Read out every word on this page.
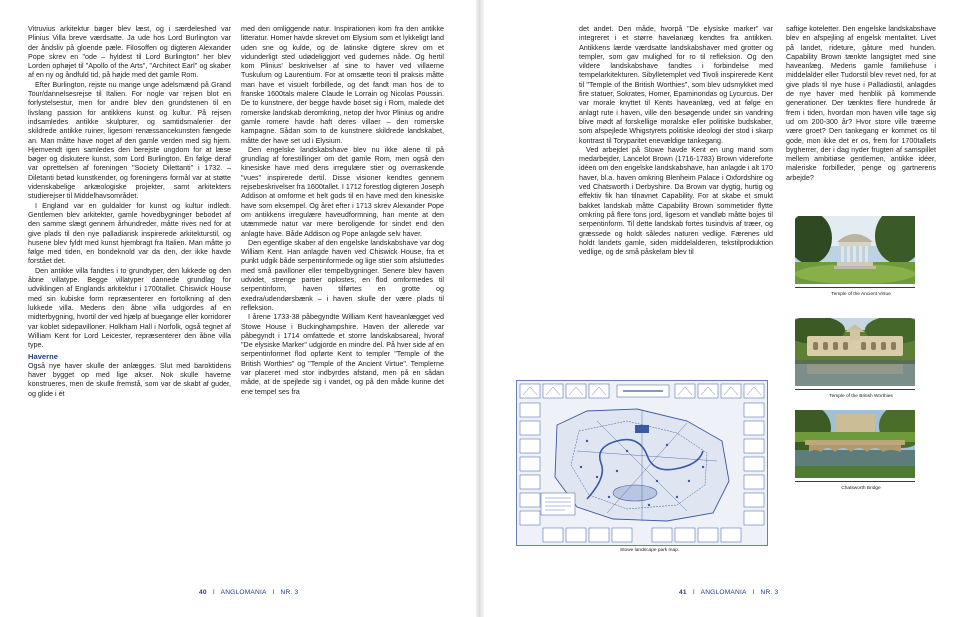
Vitruvius arkitektur bøger blev læst, og i særdeleshed var Plinius Villa breve værdsatte. Ja ude hos Lord Burlington var der åndsliv på gloende pæle. Filosoffen og digteren Alexander Pope skrev en "ode – hyldest til Lord Burlington" her blev Lorden ophøjet til "Apollo of the Arts", "Architect Earl" og skaber af en ny og åndfuld tid, på højde med det gamle Rom.

Efter Burlington, rejste nu mange unge adelsmænd på Grand Tour/dannelsesrejse til Italien. For nogle var rejsen blot en forlystelsestur, men for andre blev den grundstenen til en livslang passion for antikkens kunst og kultur. På rejsen indsamledes antikke skulpturer, og samtidsmalerier der skildrede antikke ruiner, ligesom renæssancekunsten fængede an. Man måtte have noget af den gamle verden med sig hjem. Hjemvendt igen samledes den berejste ungdom for at læse bøger og diskutere kunst, som Lord Burlington. En følge deraf var oprettelsen af foreningen "Society Dilettanti" i 1732. – Diletanti betød kunstkender, og foreningens formål var at støtte videnskabelige arkæologiske projekter, samt arkitekters studierejser til Middelhavsområdet.

I England var en guldalder for kunst og kultur indledt. Gentlemen blev arkitekter, gamle hovedbygninger bebodet af den samme slægt gennem århundreder, måtte rives ned for at give plads til den nye palladiansk inspirerede arkitekturstil, og husene blev fyldt med kunst hjembragt fra Italien. Man måtte jo følge med tiden, en bondeknold var da den, der ikke havde forstået det.

Den antikke villa fandtes i to grundtyper, den lukkede og den åbne villatype. Begge villatyper dannede grundlag for udviklingen af Englands arkitektur i 1700tallet. Chiswick House med sin kubiske form repræsenterer en fortolkning af den lukkede villa. Medens den åbne villa udgjordes af en midterbygning, hvortil der ved hjælp af buegange eller korridorer var koblet sidepavilloner. Holkham Hall i Norfolk, også tegnet af William Kent for Lord Leicester, repræsenterer den åbne villa type.

Haverne

Også nye haver skulle der anlægges. Slut med baroktidens haver bygget op med lige akser. Nok skulle haverne konstrueres, men de skulle fremstå, som var de skabt af guder, og glide i ét

med den omliggende natur. Inspirationen kom fra den antikke litteratur. Homer havde skrevet om Elysium som et lykkeligt land uden sne og kulde, og de latinske digtere skrev om et vidunderligt sted udødeliggjort ved gudernes nåde. Og hertil kom Plinius' beskrivelser af sine to haver ved villaerne Tuskulum og Laurentium. For at omsætte teori til praksis måtte man have et visuelt forbillede, og det fandt man hos de to franske 1600tals malere Claude le Lorrain og Nicolas Poussin. De to kunstnere, der begge havde boset sig i Rom, malede det romerske landskab deromkring, netop der hvor Plinius og andre gamle romere havde haft deres villaer – den romerske kampagne. Sådan som to de kunstnere skildrede landskabet, måtte der have set ud i Elysium.

Den engelske landskabshave blev nu ikke alene til på grundlag af forestillinger om det gamle Rom, men også den kinesiske have med dens irregulære stier og overraskende "vues" inspirerede dertil. Disse visioner kendtes gennem rejsebeskrivelser fra 1600tallet. I 1712 forestlog digteren Joseph Addison at omforme et helt gods til en have med den kinesiske have som eksempel. Og året efter i 1713 skrev Alexander Pope om antikkens irregulære haveudformning, han mente at den utæmmede natur var mere beroligende for sindet end den anlagte have. Både Addison og Pope anlagde selv haver.

Den egentlige skaber af den engelske landskabshave var dog William Kent. Han anlagde haven ved Chiswick House, fra et punkt udgik både serpentinformede og lige stier som afsluttedes med små pavilloner eller tempelbygninger. Senere blev haven udvidet, strenge partier oplostes, en flod omformedes til serpentinform, haven tilførtes en grotte og exedra/udendørsbænk – i haven skulle der være plads til refleksion.

I årene 1733-38 påbegyndte William Kent haveanlægget ved Stowe House i Buckinghampshire. Haven der allerede var påbegyndt i 1714 omfattede et storre landskabsareal, hvoraf "De elysiske Marker" udgjorde en mindre del. På hver side af en serpentinformet flod opførte Kent to templer "Temple of the British Worthies" og "Temple of the Ancient Virtue". Templerne var placeret med stor indbyrdes afstand, men på en sådan måde, at de spejlede sig i vandet, og på den måde kunne det ene tempel ses fra

40 I ANGLOMANIA I NR. 3

det andet. Den måde, hvorpå "De elysiske marker" var integreret i et større havelanæg kendtes fra antikken. Antikkens lærde værdsatte landskabshaver med grotter og templer, som gav mulighed for ro til refleksion. Og den vildere landskabshave fandtes i forbindelse med tempelarkitekturen. Sibylletemplet ved Tivoli inspirerede Kent til "Temple of the British Worthies", som blev udsmykket med fire statuer, Sokrates, Homer, Epaminondas og Lycurcus. Der var morale knyttet til Kents haveanlæg, ved at følge en anlagt rute i haven, ville den besøgende under sin vandring blive mødt af forskellige moralske eller politiske budskaber, som afspejlede Whigstyrets politiske ideologi der stod i skarp kontrast til Toryparitet enevældige tankegang.

Ved arbejdet på Stowe havde Kent en ung mand som medarbejder, Lancelot Brown (1716-1783) Brown videreforte idéen om den engelske landskabshave, han anlagde i alt 170 haver, bl.a. haven omkring Blenheim Palace i Oxfordshire og ved Chatsworth i Derbyshire. Da Brown var dygtig, hurtig og effektiv fik han tilnavnet Capability. For at skabe et smukt bakket landskab måtte Capability Brown sommetider flytte omkring på flere tons jord, ligesom et vandløb måtte bojes til serpentinform. Til dette landskab fortes tusindvis af træer, og græssede og holdt således naturen vedlige. Færenes uld holdt landets gamle, siden middelalderen, tekstilproduktion vedlige, og de små påskelam blev til

saftige koteletter. Den engelske landskabshave blev en afspejling af engelsk mentalitet. Livet på landet, rideture, gåture med hunden. Capability Brown tænkte langsigtet med sine haveanlæg. Medens gamle familiehuse i middelalder eller Tudorstil blev revet ned, for at give plads til nye huse i Palladiostil, anlagdes de nye haver med henblik på kommende generationer. Der tænktes flere hundrede år frem i tiden, hvordan mon haven ville tage sig ud om 200-300 år? Hvor store ville træerne være groet? Den tankegang er kommet os til gode, mon ikke det er os, frem for 1700tallets bygherrer, der i dag nyder frugten af samspillet mellem ambitiøse gentlemen, antikke idéer, maleriske forbilleder, penge og gartnerens arbejde?

Temple of the Ancient Virtue
Temple of the British Worthies
Chatsworth Bridge
Stowe landscape park map.
41 I ANGLOMANIA I NR. 3
